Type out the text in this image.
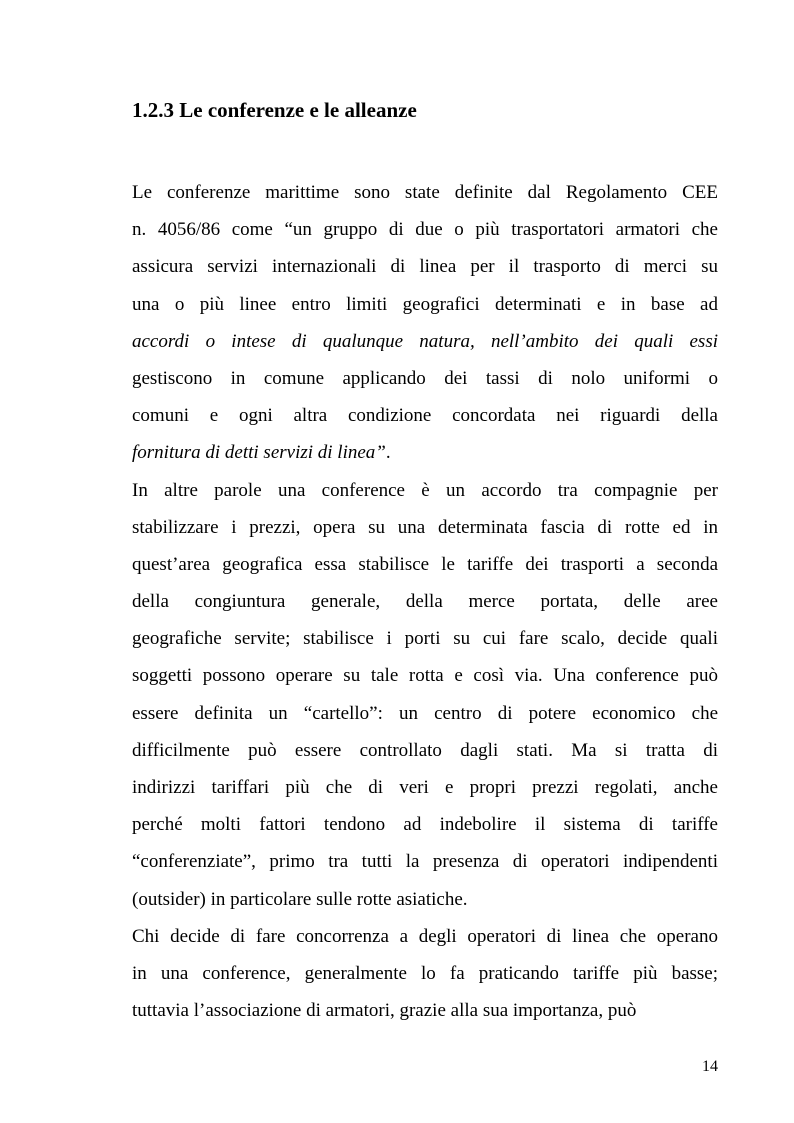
1.2.3 Le conferenze e le alleanze
Le conferenze marittime sono state definite dal Regolamento CEE
n. 4056/86 come “un gruppo di due o più trasportatori armatori che
assicura servizi internazionali di linea per il trasporto di merci su
una o più linee entro limiti geografici determinati e in base ad
accordi o intese di qualunque natura, nell’ambito dei quali essi
gestiscono in comune applicando dei tassi di nolo uniformi o
comuni e ogni altra condizione concordata nei riguardi della
fornitura di detti servizi di linea”.
In altre parole una conference è un accordo tra compagnie per
stabilizzare i prezzi, opera su una determinata fascia di rotte ed in
quest’area geografica essa stabilisce le tariffe dei trasporti a seconda
della congiuntura generale, della merce portata, delle aree
geografiche servite; stabilisce i porti su cui fare scalo, decide quali
soggetti possono operare su tale rotta e così via. Una conference può
essere definita un “cartello”: un centro di potere economico che
difficilmente può essere controllato dagli stati. Ma si tratta di
indirizzi tariffari più che di veri e propri prezzi regolati, anche
perché molti fattori tendono ad indebolire il sistema di tariffe
“conferenziate”, primo tra tutti la presenza di operatori indipendenti
(outsider) in particolare sulle rotte asiatiche.
Chi decide di fare concorrenza a degli operatori di linea che operano
in una conference, generalmente lo fa praticando tariffe più basse;
tuttavia l’associazione di armatori, grazie alla sua importanza, può
14
